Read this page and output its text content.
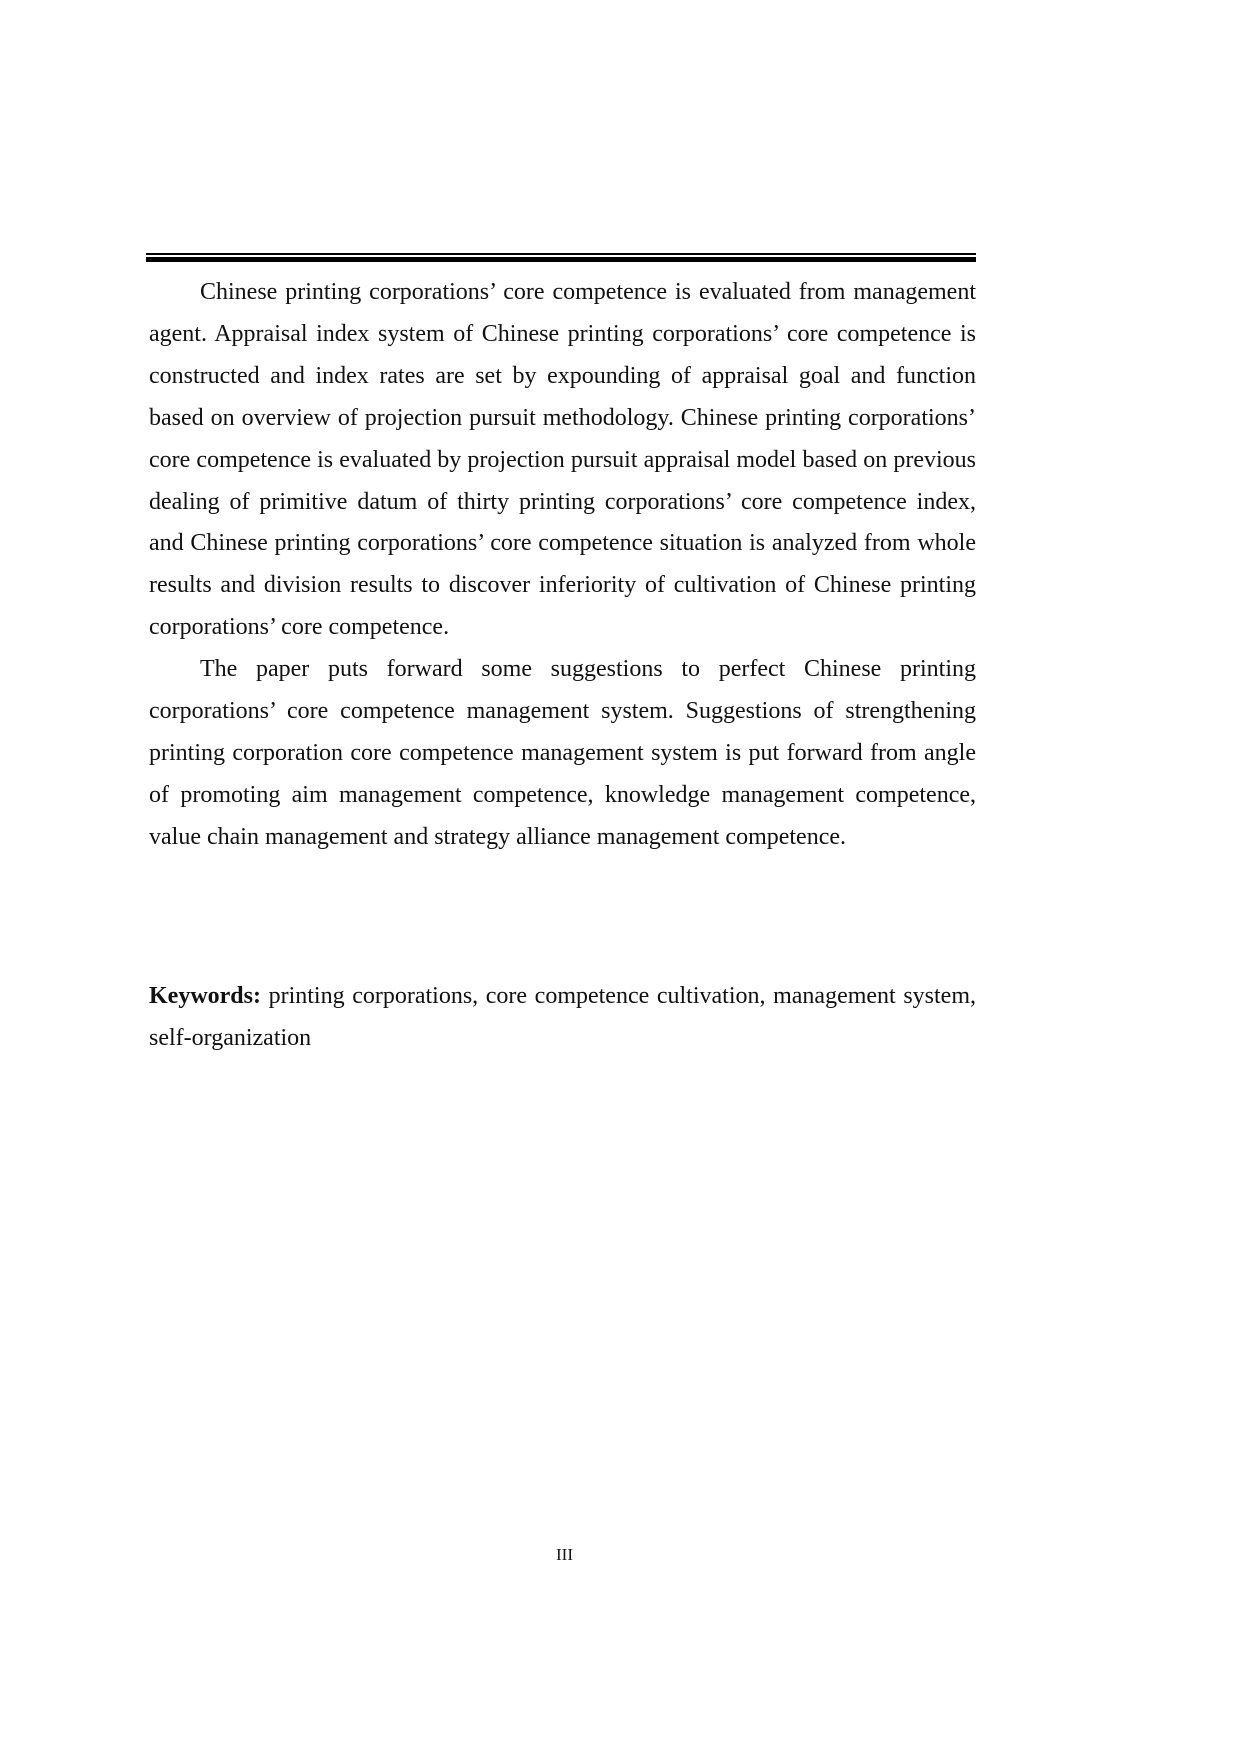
Chinese printing corporations’ core competence is evaluated from management agent. Appraisal index system of Chinese printing corporations’ core competence is constructed and index rates are set by expounding of appraisal goal and function based on overview of projection pursuit methodology. Chinese printing corporations’ core competence is evaluated by projection pursuit appraisal model based on previous dealing of primitive datum of thirty printing corporations’ core competence index, and Chinese printing corporations’ core competence situation is analyzed from whole results and division results to discover inferiority of cultivation of Chinese printing corporations’ core competence.

The paper puts forward some suggestions to perfect Chinese printing corporations’ core competence management system. Suggestions of strengthening printing corporation core competence management system is put forward from angle of promoting aim management competence, knowledge management competence, value chain management and strategy alliance management competence.

Keywords: printing corporations, core competence cultivation, management system, self-organization

III
